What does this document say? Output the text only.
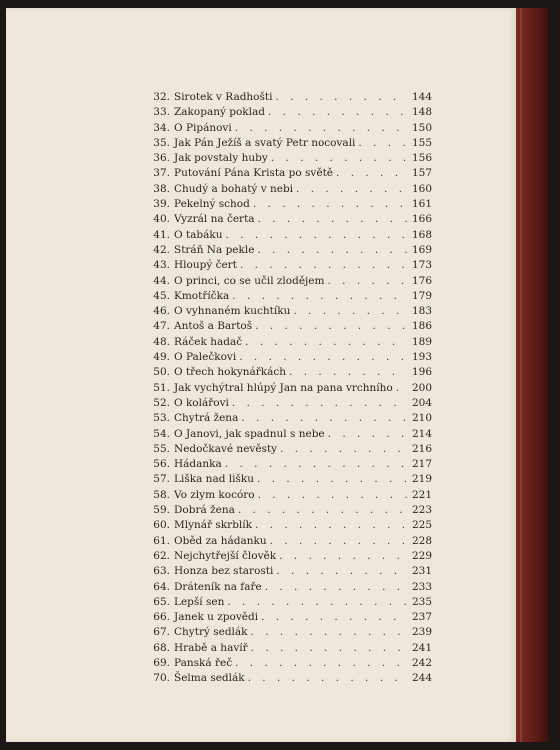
32. Sirotek v Radhošti . . .	144
33. Zakopaný poklad . . .	148
34. O Pipánovi . . .	150
35. Jak Pán Ježíš a svatý Petr nocovali . . .	155
36. Jak povstaly huby . . .	156
37. Putování Pána Krista po světě . . .	157
38. Chudý a bohatý v nebi . . .	160
39. Pekelný schod . . .	161
40. Vyzrál na čerta . . .	166
41. O tabáku . . .	168
42. Stráň Na pekle . . .	169
43. Hloupý čert . . .	173
44. O princi, co se učil zlodějem . . .	176
45. Kmotříčka . . .	179
46. O vyhnaném kuchtíku . . .	183
47. Antoš a Bartoš . . .	186
48. Ráček hadač . . .	189
49. O Palečkovi . . .	193
50. O třech hokynářkách . . .	196
51. Jak vychýtral hlúpý Jan na pana vrchního . . . 200
52. O kolářovi . . .	204
53. Chytrá žena . . .	210
54. O Janovi, jak spadnul s nebe . . .	214
55. Nedočkavé nevěsty . . .	216
56. Hádanka . . .	217
57. Liška nad lišku . . .	219
58. Vo zlym kocóro . . .	221
59. Dobrá žena . . .	223
60. Mlynář skrblík . . .	225
61. Oběd za hádanku . . .	228
62. Nejchytřejší člověk . . .	229
63. Honza bez starosti . . .	231
64. Dráteník na faře . . .	233
65. Lepší sen . . .	235
66. Janek u zpovědi . . .	237
67. Chytrý sedlák . . .	239
68. Hrabě a havíř . . .	241
69. Panská řeč . . .	242
70. Šelma sedlák . . .	244
